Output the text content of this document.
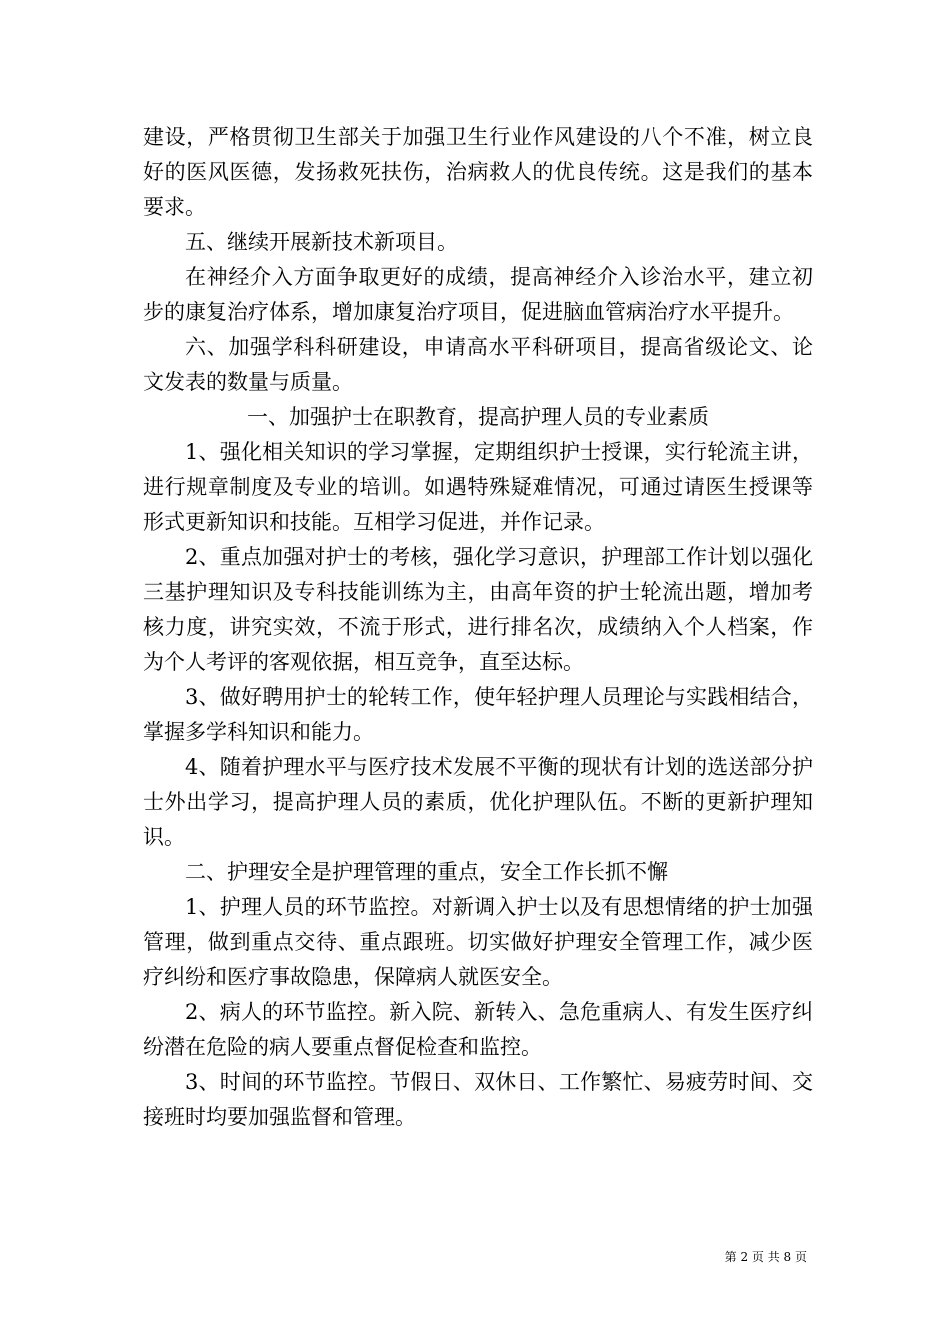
建设，严格贯彻卫生部关于加强卫生行业作风建设的八个不准，树立良好的医风医德，发扬救死扶伤，治病救人的优良传统。这是我们的基本要求。

五、继续开展新技术新项目。

在神经介入方面争取更好的成绩，提高神经介入诊治水平，建立初步的康复治疗体系，增加康复治疗项目，促进脑血管病治疗水平提升。

六、加强学科科研建设，申请高水平科研项目，提高省级论文、论文发表的数量与质量。

一、加强护士在职教育，提高护理人员的专业素质

1、强化相关知识的学习掌握，定期组织护士授课，实行轮流主讲，进行规章制度及专业的培训。如遇特殊疑难情况，可通过请医生授课等形式更新知识和技能。互相学习促进，并作记录。

2、重点加强对护士的考核，强化学习意识，护理部工作计划以强化三基护理知识及专科技能训练为主，由高年资的护士轮流出题，增加考核力度，讲究实效，不流于形式，进行排名次，成绩纳入个人档案，作为个人考评的客观依据，相互竞争，直至达标。

3、做好聘用护士的轮转工作，使年轻护理人员理论与实践相结合，掌握多学科知识和能力。

4、随着护理水平与医疗技术发展不平衡的现状有计划的选送部分护士外出学习，提高护理人员的素质，优化护理队伍。不断的更新护理知识。

二、护理安全是护理管理的重点，安全工作长抓不懈

1、护理人员的环节监控。对新调入护士以及有思想情绪的护士加强管理，做到重点交待、重点跟班。切实做好护理安全管理工作，减少医疗纠纷和医疗事故隐患，保障病人就医安全。

2、病人的环节监控。新入院、新转入、急危重病人、有发生医疗纠纷潜在危险的病人要重点督促检查和监控。

3、时间的环节监控。节假日、双休日、工作繁忙、易疲劳时间、交接班时均要加强监督和管理。

第 2 页 共 8 页
